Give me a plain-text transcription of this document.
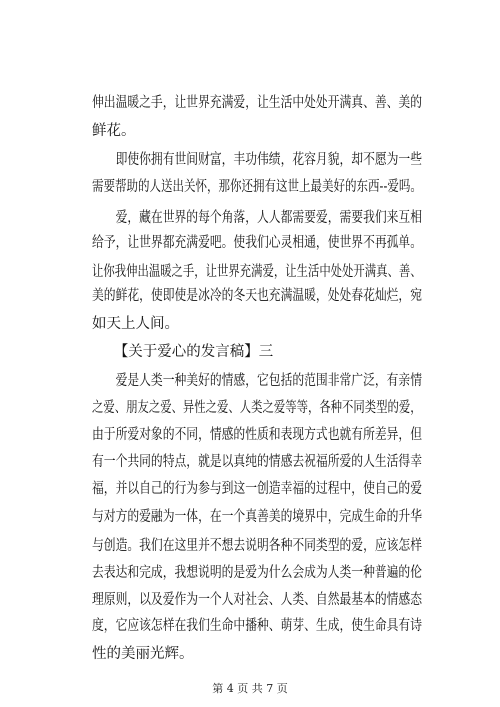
伸出温暖之手，让世界充满爱，让生活中处处开满真、善、美的
鲜花。
　　即使你拥有世间财富，丰功伟绩，花容月貌，却不愿为一些
需要帮助的人送出关怀，那你还拥有这世上最美好的东西--爱吗。
　　爱，藏在世界的每个角落，人人都需要爱，需要我们来互相
给予，让世界都充满爱吧。使我们心灵相通，使世界不再孤单。
让你我伸出温暖之手，让世界充满爱，让生活中处处开满真、善、
美的鲜花，使即使是冰冷的冬天也充满温暖，处处春花灿烂，宛
如天上人间。
　　【关于爱心的发言稿】三
　　爱是人类一种美好的情感，它包括的范围非常广泛，有亲情
之爱、朋友之爱、异性之爱、人类之爱等等，各种不同类型的爱，
由于所爱对象的不同，情感的性质和表现方式也就有所差异，但
有一个共同的特点，就是以真纯的情感去祝福所爱的人生活得幸
福，并以自己的行为参与到这一创造幸福的过程中，使自己的爱
与对方的爱融为一体，在一个真善美的境界中，完成生命的升华
与创造。我们在这里并不想去说明各种不同类型的爱，应该怎样
去表达和完成，我想说明的是爱为什么会成为人类一种普遍的伦
理原则，以及爱作为一个人对社会、人类、自然最基本的情感态
度，它应该怎样在我们生命中播种、萌芽、生成，使生命具有诗
性的美丽光辉。
第 4 页 共 7 页
